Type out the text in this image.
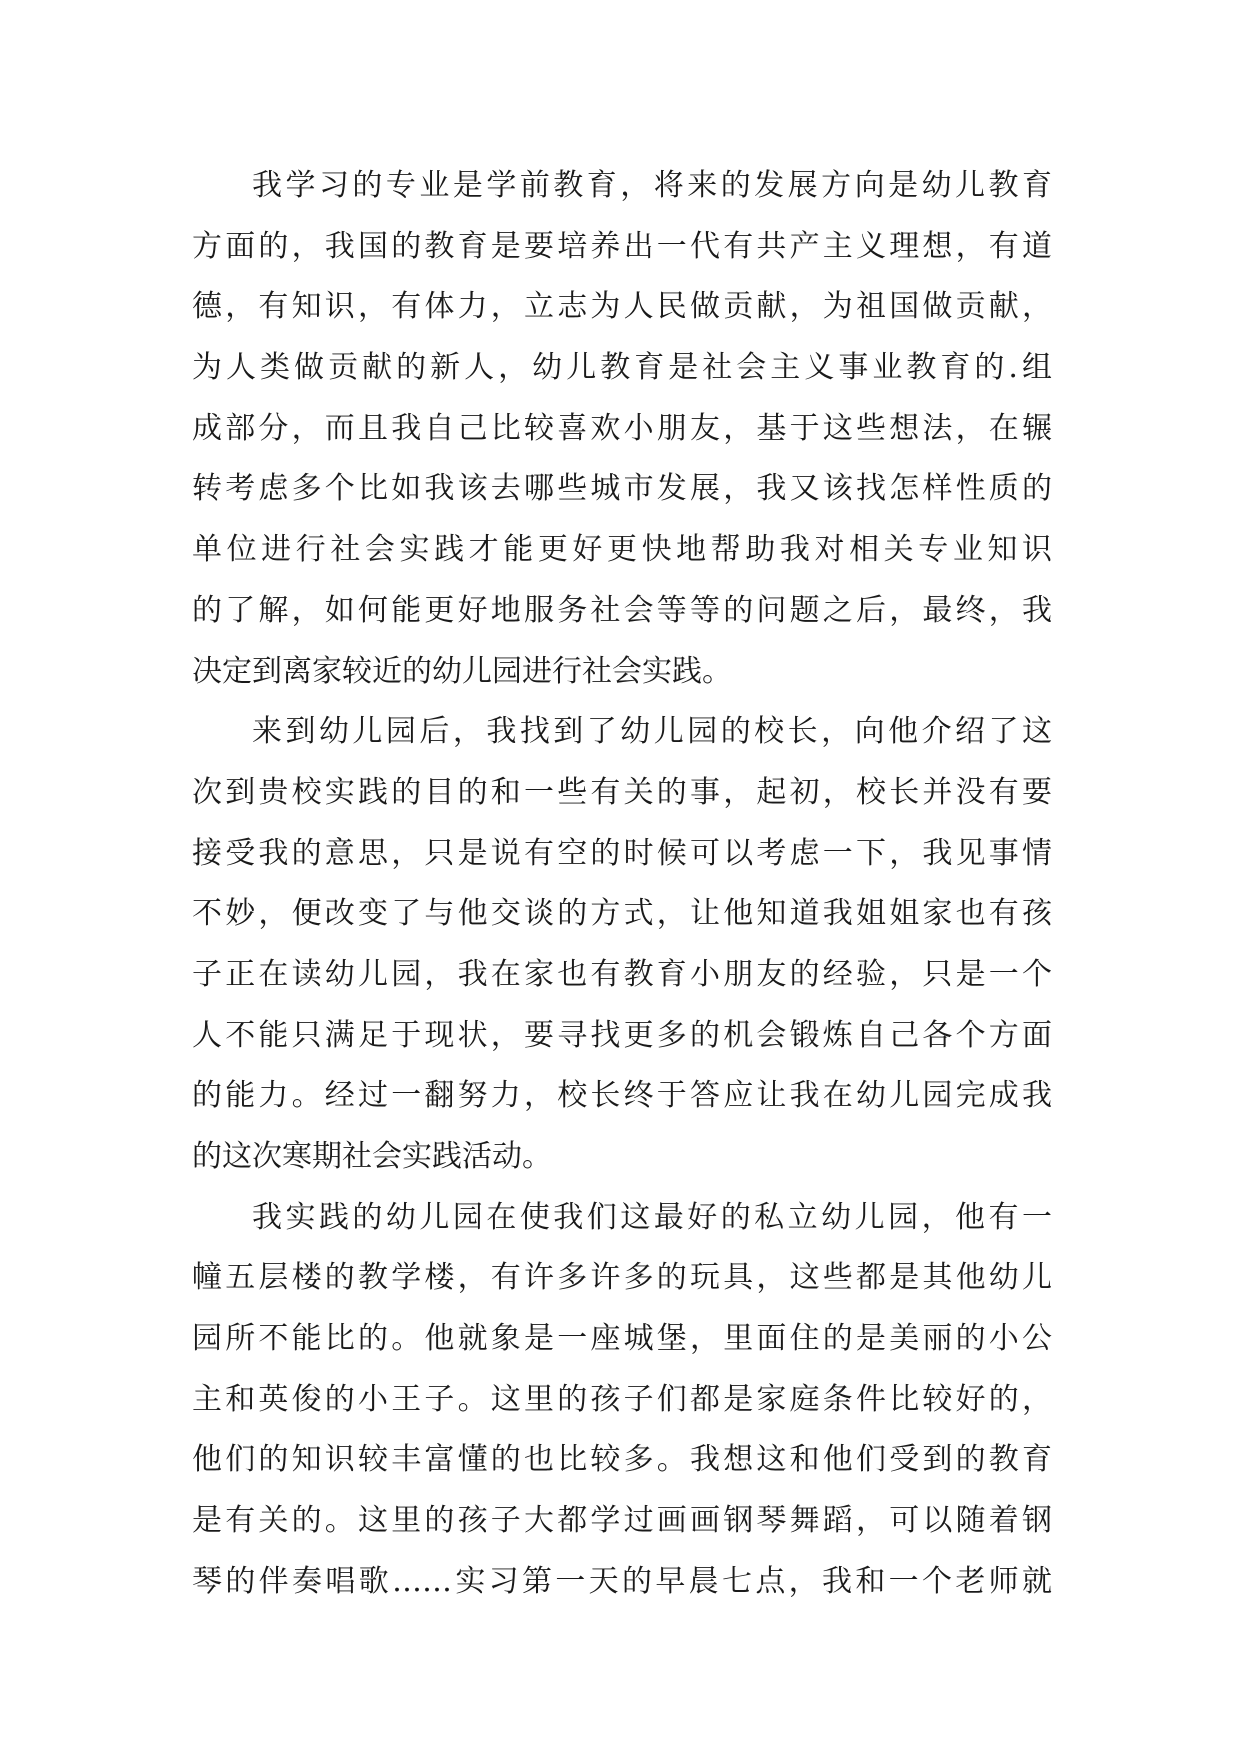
我学习的专业是学前教育，将来的发展方向是幼儿教育
方面的，我国的教育是要培养出一代有共产主义理想，有道
德，有知识，有体力，立志为人民做贡献，为祖国做贡献，
为人类做贡献的新人，幼儿教育是社会主义事业教育的.组
成部分，而且我自己比较喜欢小朋友，基于这些想法，在辗
转考虑多个比如我该去哪些城市发展，我又该找怎样性质的
单位进行社会实践才能更好更快地帮助我对相关专业知识
的了解，如何能更好地服务社会等等的问题之后，最终，我
决定到离家较近的幼儿园进行社会实践。
来到幼儿园后，我找到了幼儿园的校长，向他介绍了这
次到贵校实践的目的和一些有关的事，起初，校长并没有要
接受我的意思，只是说有空的时候可以考虑一下，我见事情
不妙，便改变了与他交谈的方式，让他知道我姐姐家也有孩
子正在读幼儿园，我在家也有教育小朋友的经验，只是一个
人不能只满足于现状，要寻找更多的机会锻炼自己各个方面
的能力。经过一翻努力，校长终于答应让我在幼儿园完成我
的这次寒期社会实践活动。
我实践的幼儿园在使我们这最好的私立幼儿园，他有一
幢五层楼的教学楼，有许多许多的玩具，这些都是其他幼儿
园所不能比的。他就象是一座城堡，里面住的是美丽的小公
主和英俊的小王子。这里的孩子们都是家庭条件比较好的，
他们的知识较丰富懂的也比较多。我想这和他们受到的教育
是有关的。这里的孩子大都学过画画钢琴舞蹈，可以随着钢
琴的伴奏唱歌……实习第一天的早晨七点，我和一个老师就
